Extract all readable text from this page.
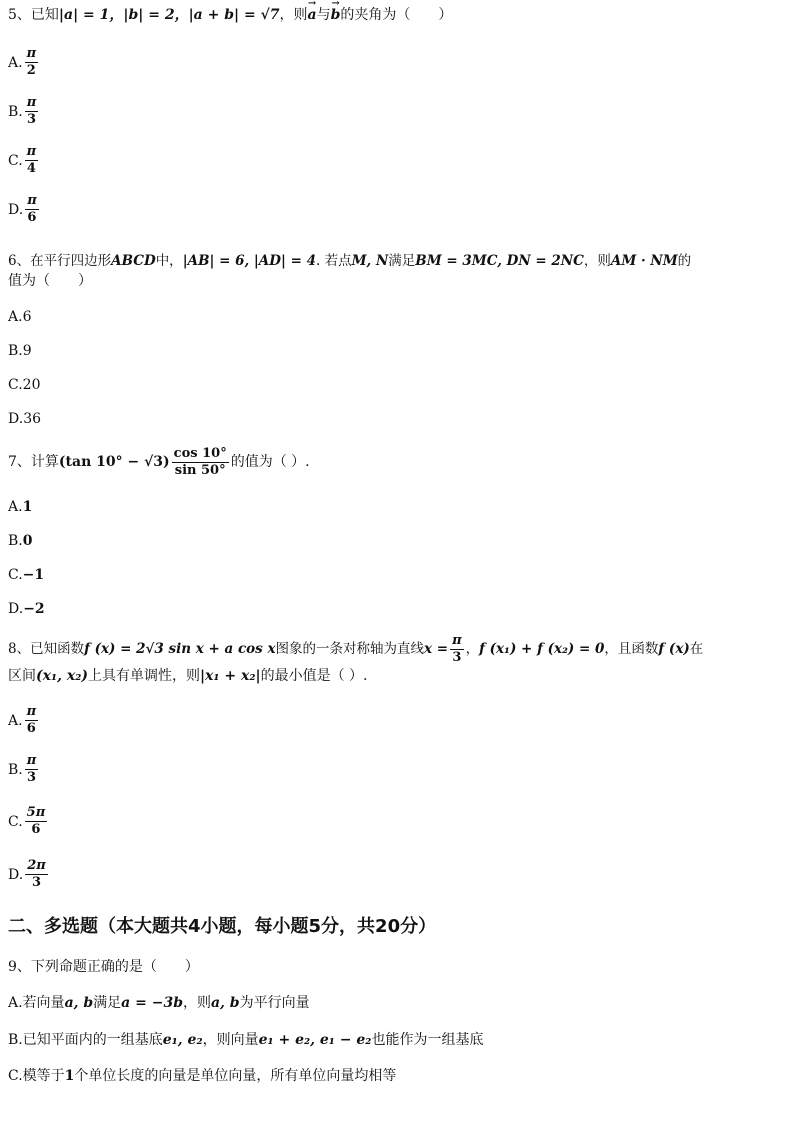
5、已知|a| = 1，|b| = 2，|a + b| = √7，则→ a与→ b的夹角为（　　）
A. $\frac{\pi}{2}$
B. $\frac{\pi}{3}$
C. $\frac{\pi}{4}$
D. $\frac{\pi}{6}$
6、在平行四边形ABCD中，|AB| = 6, |AD| = 4. 若点M, N满足BM = 3MC, DN = 2NC，则AM · NM的
值为（　　）
A.6
B.9
C.20
D.36
7、计算(tan $10^\circ - √3) \frac{\cos 10^\circ}{\sin 50^\circ}$ 的值为（ ）.
A.1
B.0
C.−1
D.−2
8、已知函数f (x) = 2√3 sin x + a cos x图象的一条对称轴为直线$x = \frac{\pi}{3}$ ，f (x₁) + f (x₂) = 0，且函数f (x)在
区间(x₁, x₂)上具有单调性，则|x₁ + x₂|的最小值是（ ）.
A. $\frac{\pi}{6}$
B. $\frac{\pi}{3}$
C. $\frac{5\pi}{6}$
D. $\frac{2\pi}{3}$
二、多选题（本大题共4小题，每小题5分，共20分）
9、下列命题正确的是（　　）
A.若向量a, b满足a = −3b，则a, b为平行向量
B.已知平面内的一组基底e₁, e₂，则向量e₁ + e₂, e₁ − e₂也能作为一组基底
C.模等于1个单位长度的向量是单位向量，所有单位向量均相等
